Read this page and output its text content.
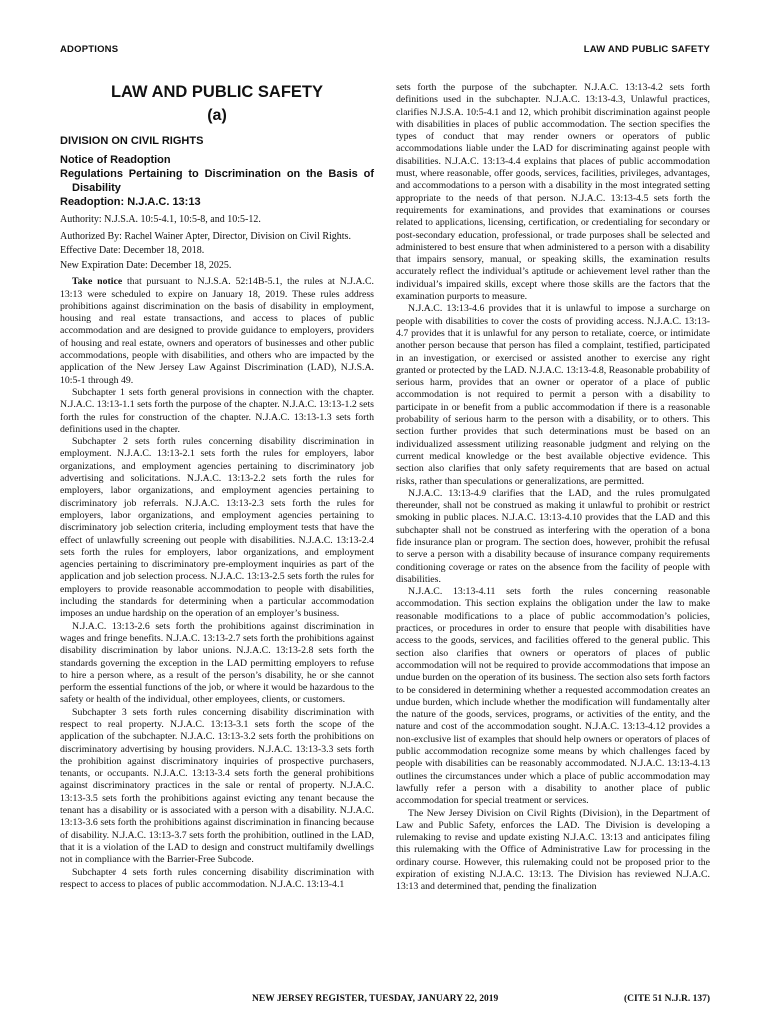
ADOPTIONS	LAW AND PUBLIC SAFETY
LAW AND PUBLIC SAFETY
(a)
DIVISION ON CIVIL RIGHTS
Notice of Readoption
Regulations Pertaining to Discrimination on the Basis of Disability
Readoption: N.J.A.C. 13:13
Authority: N.J.S.A. 10:5-4.1, 10:5-8, and 10:5-12.
Authorized By: Rachel Wainer Apter, Director, Division on Civil Rights.
Effective Date: December 18, 2018.
New Expiration Date: December 18, 2025.

Take notice that pursuant to N.J.S.A. 52:14B-5.1, the rules at N.J.A.C. 13:13 were scheduled to expire on January 18, 2019. These rules address prohibitions against discrimination on the basis of disability in employment, housing and real estate transactions, and access to places of public accommodation and are designed to provide guidance to employers, providers of housing and real estate, owners and operators of businesses and other public accommodations, people with disabilities, and others who are impacted by the application of the New Jersey Law Against Discrimination (LAD), N.J.S.A. 10:5-1 through 49.

Subchapter 1 sets forth general provisions in connection with the chapter. N.J.A.C. 13:13-1.1 sets forth the purpose of the chapter. N.J.A.C. 13:13-1.2 sets forth the rules for construction of the chapter. N.J.A.C. 13:13-1.3 sets forth definitions used in the chapter.

Subchapter 2 sets forth rules concerning disability discrimination in employment. N.J.A.C. 13:13-2.1 sets forth the rules for employers, labor organizations, and employment agencies pertaining to discriminatory job advertising and solicitations. N.J.A.C. 13:13-2.2 sets forth the rules for employers, labor organizations, and employment agencies pertaining to discriminatory job referrals. N.J.A.C. 13:13-2.3 sets forth the rules for employers, labor organizations, and employment agencies pertaining to discriminatory job selection criteria, including employment tests that have the effect of unlawfully screening out people with disabilities. N.J.A.C. 13:13-2.4 sets forth the rules for employers, labor organizations, and employment agencies pertaining to discriminatory pre-employment inquiries as part of the application and job selection process. N.J.A.C. 13:13-2.5 sets forth the rules for employers to provide reasonable accommodation to people with disabilities, including the standards for determining when a particular accommodation imposes an undue hardship on the operation of an employer’s business.

N.J.A.C. 13:13-2.6 sets forth the prohibitions against discrimination in wages and fringe benefits. N.J.A.C. 13:13-2.7 sets forth the prohibitions against disability discrimination by labor unions. N.J.A.C. 13:13-2.8 sets forth the standards governing the exception in the LAD permitting employers to refuse to hire a person where, as a result of the person’s disability, he or she cannot perform the essential functions of the job, or where it would be hazardous to the safety or health of the individual, other employees, clients, or customers.

Subchapter 3 sets forth rules concerning disability discrimination with respect to real property. N.J.A.C. 13:13-3.1 sets forth the scope of the application of the subchapter. N.J.A.C. 13:13-3.2 sets forth the prohibitions on discriminatory advertising by housing providers. N.J.A.C. 13:13-3.3 sets forth the prohibition against discriminatory inquiries of prospective purchasers, tenants, or occupants. N.J.A.C. 13:13-3.4 sets forth the general prohibitions against discriminatory practices in the sale or rental of property. N.J.A.C. 13:13-3.5 sets forth the prohibitions against evicting any tenant because the tenant has a disability or is associated with a person with a disability. N.J.A.C. 13:13-3.6 sets forth the prohibitions against discrimination in financing because of disability. N.J.A.C. 13:13-3.7 sets forth the prohibition, outlined in the LAD, that it is a violation of the LAD to design and construct multifamily dwellings not in compliance with the Barrier-Free Subcode.

Subchapter 4 sets forth rules concerning disability discrimination with respect to access to places of public accommodation. N.J.A.C. 13:13-4.1

sets forth the purpose of the subchapter. N.J.A.C. 13:13-4.2 sets forth definitions used in the subchapter. N.J.A.C. 13:13-4.3, Unlawful practices, clarifies N.J.S.A. 10:5-4.1 and 12, which prohibit discrimination against people with disabilities in places of public accommodation. The section specifies the types of conduct that may render owners or operators of public accommodations liable under the LAD for discriminating against people with disabilities. N.J.A.C. 13:13-4.4 explains that places of public accommodation must, where reasonable, offer goods, services, facilities, privileges, advantages, and accommodations to a person with a disability in the most integrated setting appropriate to the needs of that person. N.J.A.C. 13:13-4.5 sets forth the requirements for examinations, and provides that examinations or courses related to applications, licensing, certification, or credentialing for secondary or post-secondary education, professional, or trade purposes shall be selected and administered to best ensure that when administered to a person with a disability that impairs sensory, manual, or speaking skills, the examination results accurately reflect the individual’s aptitude or achievement level rather than the individual’s impaired skills, except where those skills are the factors that the examination purports to measure.

N.J.A.C. 13:13-4.6 provides that it is unlawful to impose a surcharge on people with disabilities to cover the costs of providing access. N.J.A.C. 13:13-4.7 provides that it is unlawful for any person to retaliate, coerce, or intimidate another person because that person has filed a complaint, testified, participated in an investigation, or exercised or assisted another to exercise any right granted or protected by the LAD. N.J.A.C. 13:13-4.8, Reasonable probability of serious harm, provides that an owner or operator of a place of public accommodation is not required to permit a person with a disability to participate in or benefit from a public accommodation if there is a reasonable probability of serious harm to the person with a disability, or to others. This section further provides that such determinations must be based on an individualized assessment utilizing reasonable judgment and relying on the current medical knowledge or the best available objective evidence. This section also clarifies that only safety requirements that are based on actual risks, rather than speculations or generalizations, are permitted.

N.J.A.C. 13:13-4.9 clarifies that the LAD, and the rules promulgated thereunder, shall not be construed as making it unlawful to prohibit or restrict smoking in public places. N.J.A.C. 13:13-4.10 provides that the LAD and this subchapter shall not be construed as interfering with the operation of a bona fide insurance plan or program. The section does, however, prohibit the refusal to serve a person with a disability because of insurance company requirements conditioning coverage or rates on the absence from the facility of people with disabilities.

N.J.A.C. 13:13-4.11 sets forth the rules concerning reasonable accommodation. This section explains the obligation under the law to make reasonable modifications to a place of public accommodation’s policies, practices, or procedures in order to ensure that people with disabilities have access to the goods, services, and facilities offered to the general public. This section also clarifies that owners or operators of places of public accommodation will not be required to provide accommodations that impose an undue burden on the operation of its business. The section also sets forth factors to be considered in determining whether a requested accommodation creates an undue burden, which include whether the modification will fundamentally alter the nature of the goods, services, programs, or activities of the entity, and the nature and cost of the accommodation sought. N.J.A.C. 13:13-4.12 provides a non-exclusive list of examples that should help owners or operators of places of public accommodation recognize some means by which challenges faced by people with disabilities can be reasonably accommodated. N.J.A.C. 13:13-4.13 outlines the circumstances under which a place of public accommodation may lawfully refer a person with a disability to another place of public accommodation for special treatment or services.

The New Jersey Division on Civil Rights (Division), in the Department of Law and Public Safety, enforces the LAD. The Division is developing a rulemaking to revise and update existing N.J.A.C. 13:13 and anticipates filing this rulemaking with the Office of Administrative Law for processing in the ordinary course. However, this rulemaking could not be proposed prior to the expiration of existing N.J.A.C. 13:13. The Division has reviewed N.J.A.C. 13:13 and determined that, pending the finalization

NEW JERSEY REGISTER, TUESDAY, JANUARY 22, 2019	(CITE 51 N.J.R. 137)
